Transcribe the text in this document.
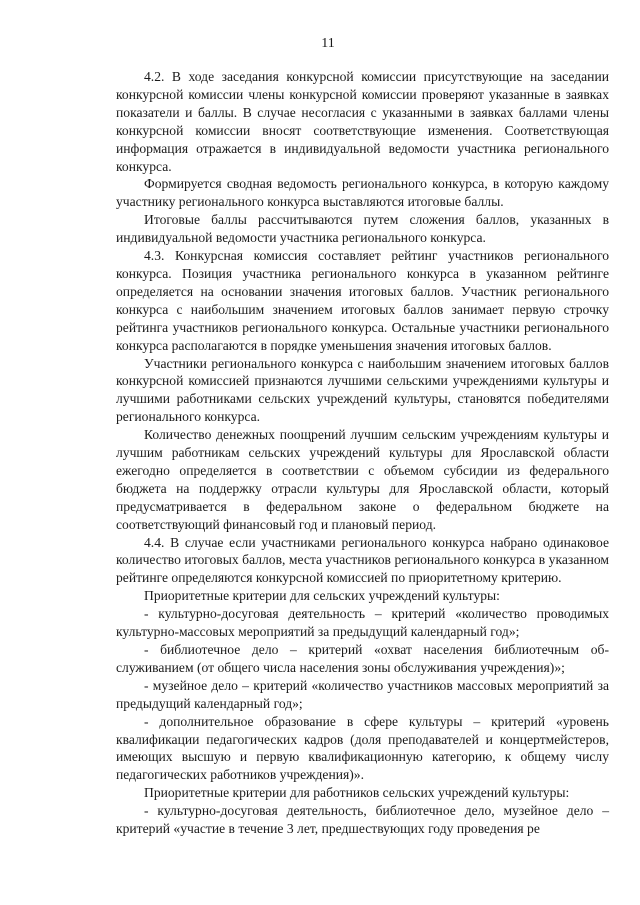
11

4.2. В ходе заседания конкурсной комиссии присутствующие на заседании конкурсной комиссии члены конкурсной комиссии проверяют указанные в заявках показатели и баллы. В случае несогласия с указанными в заявках баллами члены конкурсной комиссии вносят соответствующие изменения. Соответствующая информация отражается в индивидуальной ведомости участника регионального конкурса.

Формируется сводная ведомость регионального конкурса, в которую каждому участнику регионального конкурса выставляются итоговые баллы.

Итоговые баллы рассчитываются путем сложения баллов, указанных в индивидуальной ведомости участника регионального конкурса.

4.3. Конкурсная комиссия составляет рейтинг участников регионального конкурса. Позиция участника регионального конкурса в указанном рейтинге определяется на основании значения итоговых баллов. Участник регионального конкурса с наибольшим значением итоговых баллов занимает первую строчку рейтинга участников регионального конкурса. Остальные участники регионального конкурса располагаются в порядке уменьшения значения итоговых баллов.

Участники регионального конкурса с наибольшим значением итоговых баллов конкурсной комиссией признаются лучшими сельскими учреждениями культуры и лучшими работниками сельских учреждений культуры, становятся победителями регионального конкурса.

Количество денежных поощрений лучшим сельским учреждениям культуры и лучшим работникам сельских учреждений культуры для Ярославской области ежегодно определяется в соответствии с объемом субсидии из федерального бюджета на поддержку отрасли культуры для Ярославской области, который предусматривается в федеральном законе о федеральном бюджете на соответствующий финансовый год и плановый период.

4.4. В случае если участниками регионального конкурса набрано одинаковое количество итоговых баллов, места участников регионального конкурса в указанном рейтинге определяются конкурсной комиссией по приоритетному критерию.

Приоритетные критерии для сельских учреждений культуры:

- культурно-досуговая деятельность – критерий «количество проводимых культурно-массовых мероприятий за предыдущий календарный год»;

- библиотечное дело – критерий «охват населения библиотечным обслуживанием (от общего числа населения зоны обслуживания учреждения)»;

- музейное дело – критерий «количество участников массовых мероприятий за предыдущий календарный год»;

- дополнительное образование в сфере культуры – критерий «уровень квалификации педагогических кадров (доля преподавателей и концертмейстеров, имеющих высшую и первую квалификационную категорию, к общему числу педагогических работников учреждения)».

Приоритетные критерии для работников сельских учреждений культуры:

- культурно-досуговая деятельность, библиотечное дело, музейное дело – критерий «участие в течение 3 лет, предшествующих году проведения ре
